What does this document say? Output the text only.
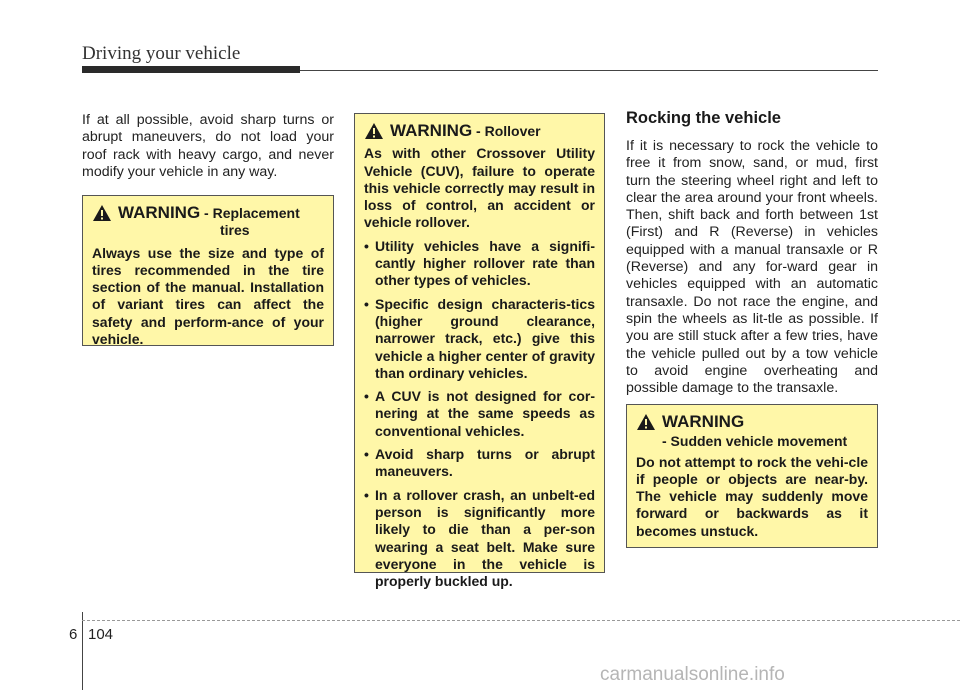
Driving your vehicle
If at all possible, avoid sharp turns or abrupt maneuvers, do not load your roof rack with heavy cargo, and never modify your vehicle in any way.
WARNING - Replacement
tires
Always use the size and type of tires recommended in the tire section of the manual. Installation of variant tires can affect the safety and perform-ance of your vehicle.
WARNING - Rollover
As with other Crossover Utility Vehicle (CUV), failure to operate this vehicle correctly may result in loss of control, an accident or vehicle rollover.
• Utility vehicles have a signifi-cantly higher rollover rate than other types of vehicles.
• Specific design characteris-tics (higher ground clearance, narrower track, etc.) give this vehicle a higher center of gravity than ordinary vehicles.
• A CUV is not designed for cor-nering at the same speeds as conventional vehicles.
• Avoid sharp turns or abrupt maneuvers.
• In a rollover crash, an unbelt-ed person is significantly more likely to die than a per-son wearing a seat belt. Make sure everyone in the vehicle is properly buckled up.
Rocking the vehicle
If it is necessary to rock the vehicle to free it from snow, sand, or mud, first turn the steering wheel right and left to clear the area around your front wheels. Then, shift back and forth between 1st (First) and R (Reverse) in vehicles equipped with a manual transaxle or R (Reverse) and any for-ward gear in vehicles equipped with an automatic transaxle. Do not race the engine, and spin the wheels as lit-tle as possible. If you are still stuck after a few tries, have the vehicle pulled out by a tow vehicle to avoid engine overheating and possible damage to the transaxle.
WARNING
- Sudden vehicle movement
Do not attempt to rock the vehi-cle if people or objects are near-by. The vehicle may suddenly move forward or backwards as it becomes unstuck.
6 104
carmanualsonline.info
